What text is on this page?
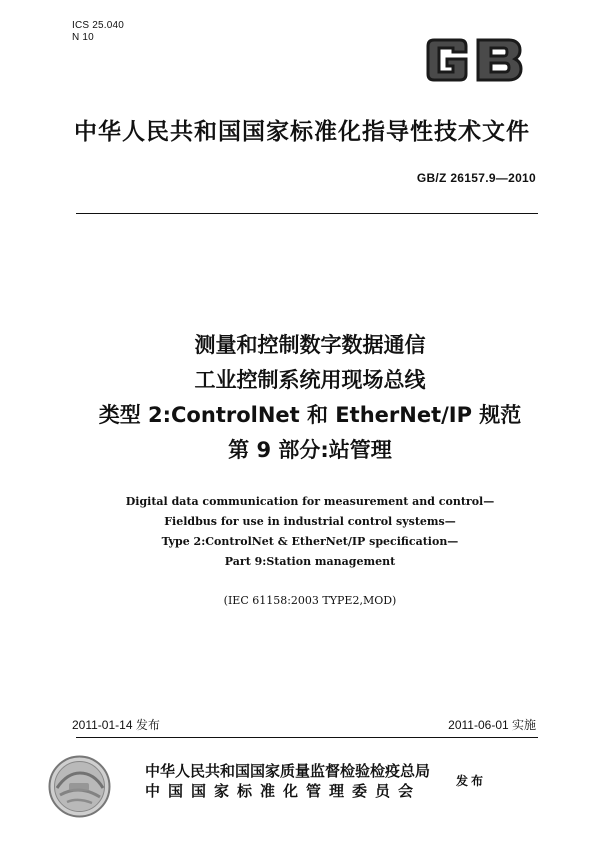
ICS 25.040
N 10
中华人民共和国国家标准化指导性技术文件
GB/Z 26157.9—2010
测量和控制数字数据通信
工业控制系统用现场总线
类型 2:ControlNet 和 EtherNet/IP 规范
第 9 部分:站管理
Digital data communication for measurement and control—
Fieldbus for use in industrial control systems—
Type 2:ControlNet & EtherNet/IP specification—
Part 9:Station management
(IEC 61158:2003 TYPE2,MOD)
2011-01-14 发布	2011-06-01 实施
中华人民共和国国家质量监督检验检疫总局
中国国家标准化管理委员会
发布
